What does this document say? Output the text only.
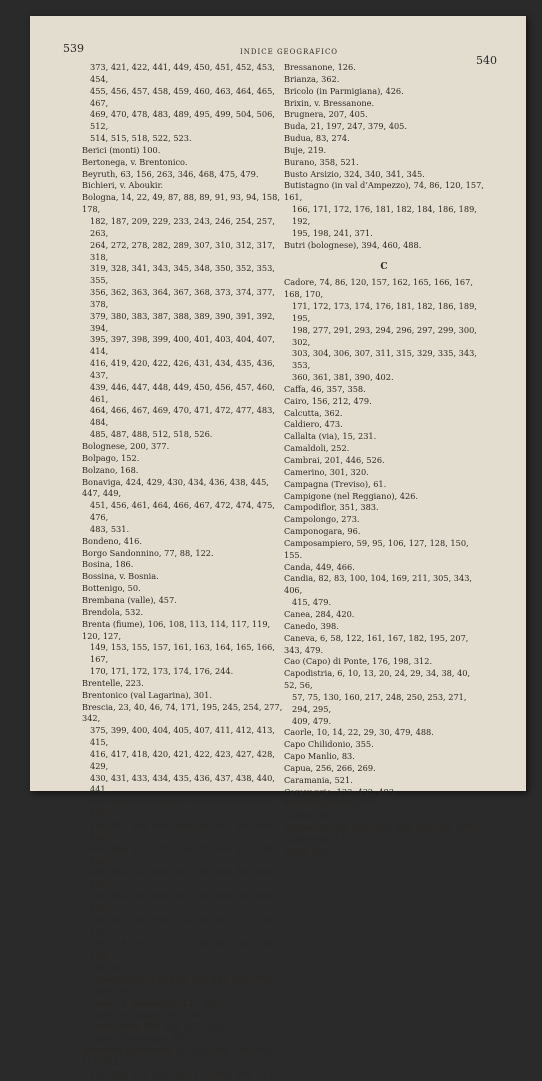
539	INDICE GEOGRAFICO
540
373, 421, 422, 441, 449, 450, 451, 452, 453, 454,
455, 456, 457, 458, 459, 460, 463, 464, 465, 467,
469, 470, 478, 483, 489, 495, 499, 504, 506, 512,
514, 515, 518, 522, 523.
Berici (monti) 100.
Bertonega, v. Brentonico.
Beyruth, 63, 156, 263, 346, 468, 475, 479.
Bichieri, v. Aboukir.
Bologna, 14, 22, 49, 87, 88, 89, 91, 93, 94, 158, 178,
182, 187, 209, 229, 233, 243, 246, 254, 257, 263,
264, 272, 278, 282, 289, 307, 310, 312, 317, 318,
319, 328, 341, 343, 345, 348, 350, 352, 353, 355,
356, 362, 363, 364, 367, 368, 373, 374, 377, 378,
379, 380, 383, 387, 388, 389, 390, 391, 392, 394,
395, 397, 398, 399, 400, 401, 403, 404, 407, 414,
416, 419, 420, 422, 426, 431, 434, 435, 436, 437,
439, 446, 447, 448, 449, 450, 456, 457, 460, 461,
464, 466, 467, 469, 470, 471, 472, 477, 483, 484,
485, 487, 488, 512, 518, 526.
Bolognese, 200, 377.
Bolpago, 152.
Bolzano, 168.
Bonaviga, 424, 429, 430, 434, 436, 438, 445, 447, 449,
451, 456, 461, 464, 466, 467, 472, 474, 475, 476,
483, 531.
Bondeno, 416.
Borgo Sandonnino, 77, 88, 122.
Bosina, 186.
Bossina, v. Bosnia.
Bottenigo, 50.
Brembana (valle), 457.
Brendola, 532.
Brenta (fiume), 106, 108, 113, 114, 117, 119, 120, 127,
149, 153, 155, 157, 161, 163, 164, 165, 166, 167,
170, 171, 172, 173, 174, 176, 244.
Brentelle, 223.
Brentonico (val Lagarina), 301.
Brescia, 23, 40, 46, 74, 171, 195, 245, 254, 277, 342,
375, 399, 400, 404, 405, 407, 411, 412, 413, 415,
416, 417, 418, 420, 421, 422, 423, 427, 428, 429,
430, 431, 433, 434, 435, 436, 437, 438, 440, 441,
442, 444, 445, 446, 447, 448, 449, 450, 451, 452,
456, 457, 458, 459, 460, 461, 463, 464, 465, 466,
467, 469, 470, 472, 474, 475, 476, 477, 478, 480,
481, 482, 483, 484, 487, 488, 489, 490, 491, 492,
493, 494, 495, 496, 497, 498, 499, 501, 503, 504,
506, 507, 508, 509, 510, 511, 512, 513, 514, 517,
518, 519, 520, 522, 523, 524, 525, 526, 528, 529,
530, 531, 532.
» (castello di), 438, 439, 445, 481, 484, 489,
491, 494.
» porta S. Alessandro, 437, 445.
» porta S. Nazaro, 505, 508, 510.
» porta delle Pile, 444, 507, 510.
» porta Torrelunga, 507.
Bresciana (provincia), 36, 181, 206, 209, 244, 411, 412,
418, 419, 421, 422, 425, 477, 481, 494, 512.
Bressanone, 126.
Brianza, 362.
Bricolo (in Parmigiana), 426.
Brixin, v. Bressanone.
Brugnera, 207, 405.
Buda, 21, 197, 247, 379, 405.
Budua, 83, 274.
Buje, 219.
Burano, 358, 521.
Busto Arsizio, 324, 340, 341, 345.
Butistagno (in val d’Ampezzo), 74, 86, 120, 157, 161,
166, 171, 172, 176, 181, 182, 184, 186, 189, 192,
195, 198, 241, 371.
Butri (bolognese), 394, 460, 488.
C
Cadore, 74, 86, 120, 157, 162, 165, 166, 167, 168, 170,
171, 172, 173, 174, 176, 181, 182, 186, 189, 195,
198, 277, 291, 293, 294, 296, 297, 299, 300, 302,
303, 304, 306, 307, 311, 315, 329, 335, 343, 353,
360, 361, 381, 390, 402.
Caffa, 46, 357, 358.
Cairo, 156, 212, 479.
Calcutta, 362.
Caldiero, 473.
Callalta (via), 15, 231.
Camaldoli, 252.
Cambrai, 201, 446, 526.
Camerino, 301, 320.
Campagna (Treviso), 61.
Campigone (nel Reggiano), 426.
Campodiflor, 351, 383.
Campolongo, 273.
Camponogara, 96.
Camposampiero, 59, 95, 106, 127, 128, 150, 155.
Canda, 449, 466.
Candia, 82, 83, 100, 104, 169, 211, 305, 343, 406,
415, 479.
Canea, 284, 420.
Canedo, 398.
Caneva, 6, 58, 122, 161, 167, 182, 195, 207, 343, 479.
Cao (Capo) di Ponte, 176, 198, 312.
Capodistria, 6, 10, 13, 20, 24, 29, 34, 38, 40, 52, 56,
57, 75, 130, 160, 217, 248, 250, 253, 271, 294, 295,
409, 479.
Caorle, 10, 14, 22, 29, 30, 479, 488.
Capo Chilidonio, 355.
Capo Manlio, 83.
Capua, 256, 266, 269.
Caramania, 521.
Caravaggio, 133, 432, 483.
Carian (Caerano), 171.
Carlino, 31.
Carnia, 35, 221, 230, 232, 295, 296, 381, 390.
Carpenedo, 117.
Carpi, 407.
